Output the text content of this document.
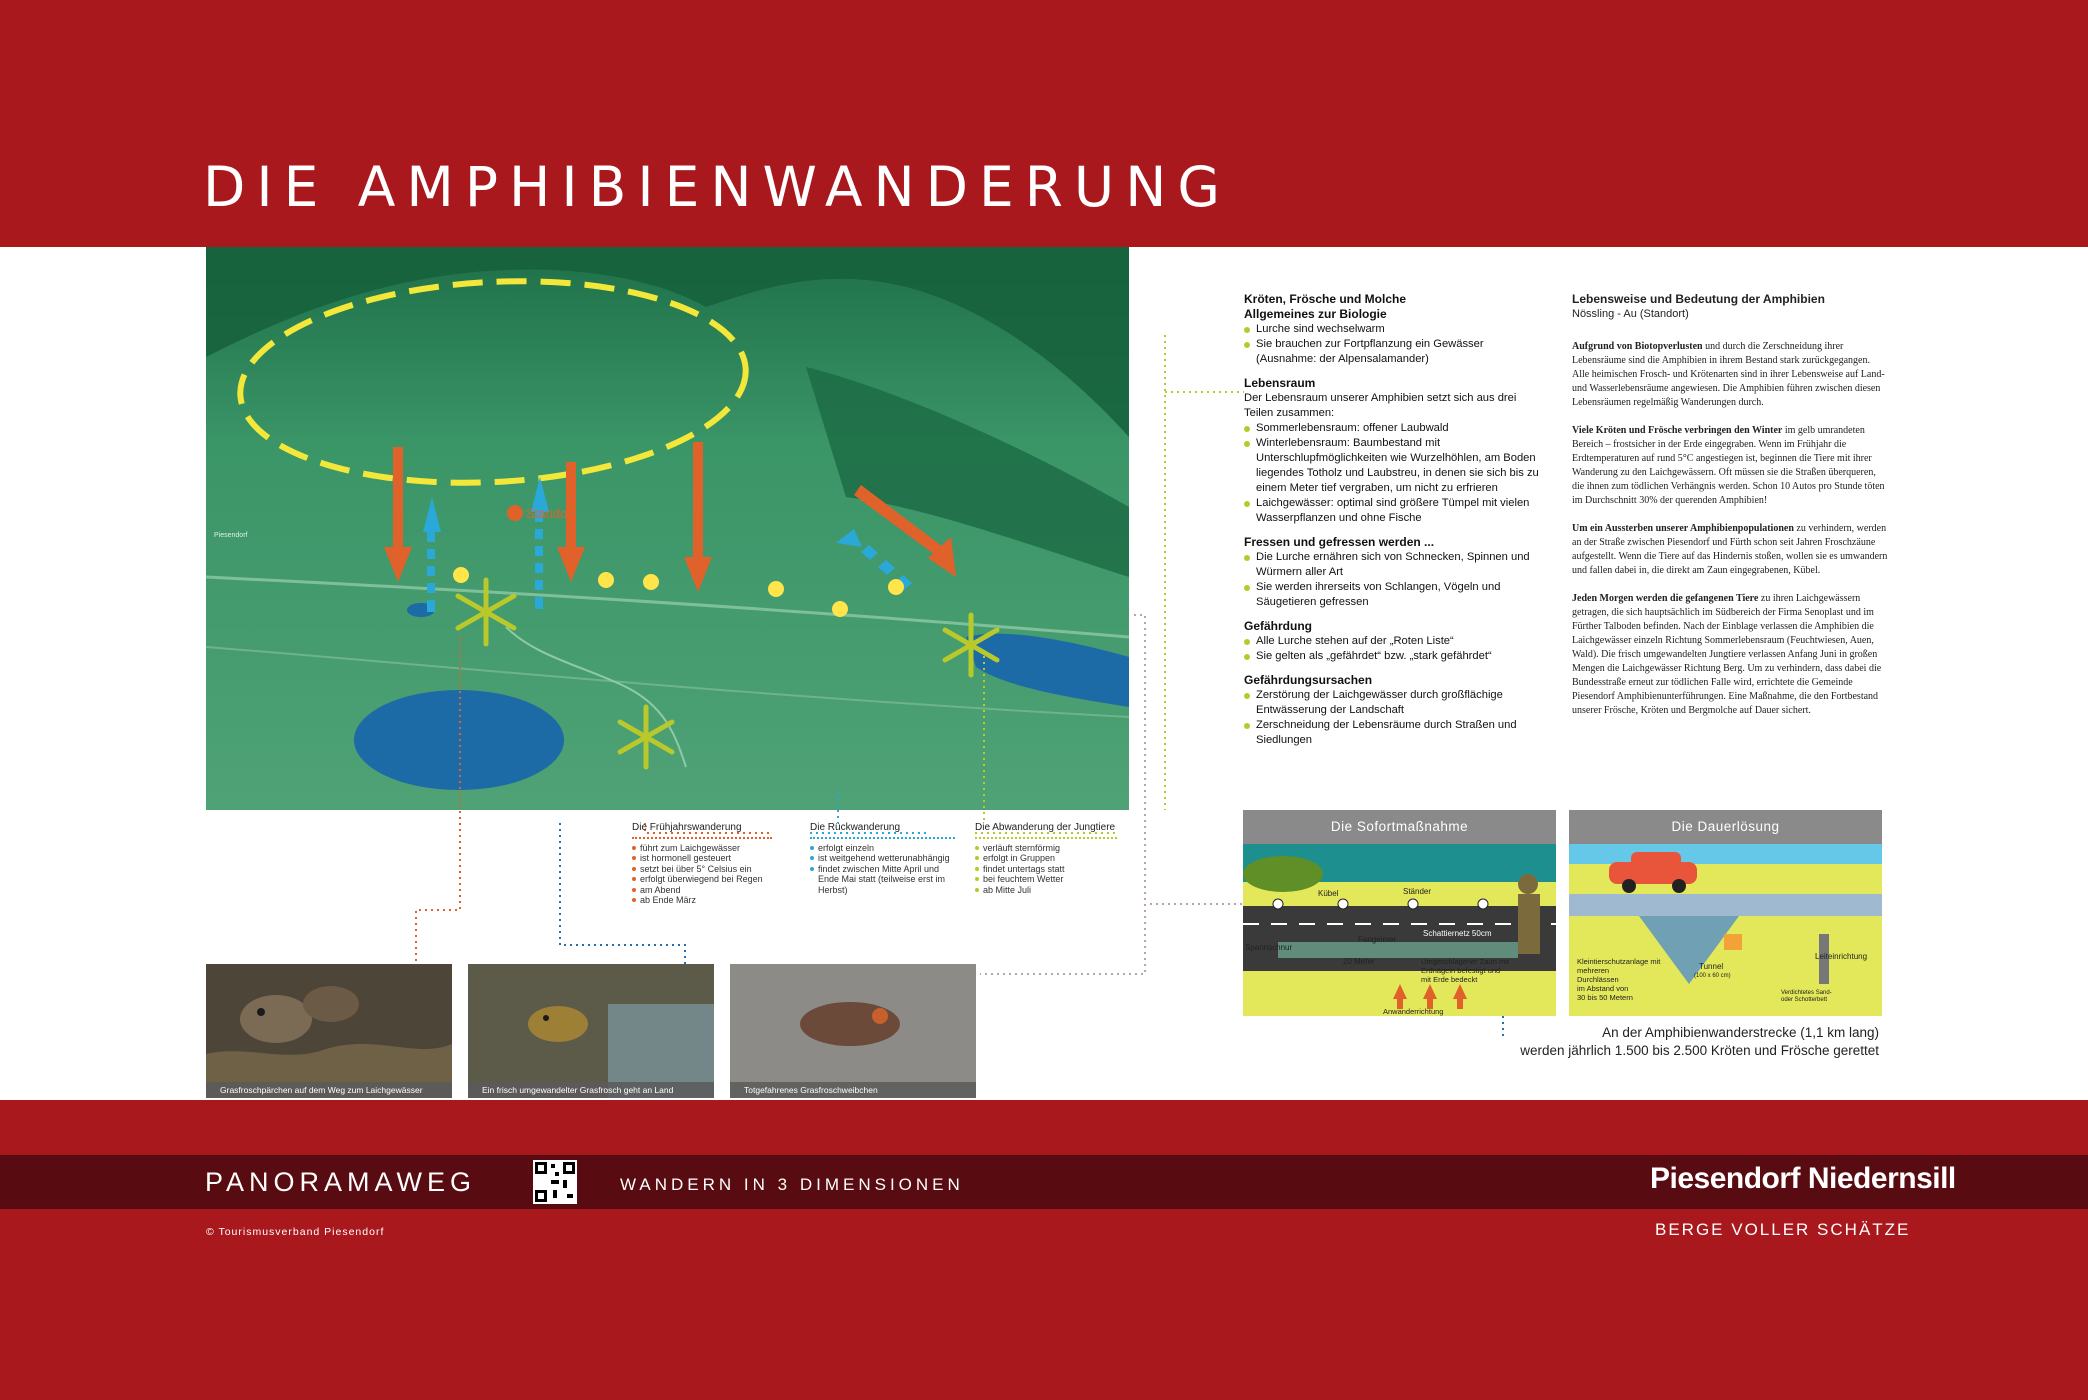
DIE AMPHIBIENWANDERUNG
Standort
Piesendorf
Kröten, Frösche und Molche
Allgemeines zur Biologie
Lurche sind wechselwarm
Sie brauchen zur Fortpflanzung ein Gewässer (Ausnahme: der Alpensalamander)
Lebensraum

Der Lebensraum unserer Amphibien setzt sich aus drei Teilen zusammen:

Sommerlebensraum: offener Laubwald
Winterlebensraum: Baumbestand mit Unterschlupfmöglichkeiten wie Wurzelhöhlen, am Boden liegendes Totholz und Laubstreu, in denen sie sich bis zu einem Meter tief vergraben, um nicht zu erfrieren
Laichgewässer: optimal sind größere Tümpel mit vielen Wasserpflanzen und ohne Fische
Fressen und gefressen werden ...
Die Lurche ernähren sich von Schnecken, Spinnen und Würmern aller Art
Sie werden ihrerseits von Schlangen, Vögeln und Säugetieren gefressen
Gefährdung
Alle Lurche stehen auf der „Roten Liste“
Sie gelten als „gefährdet“ bzw. „stark gefährdet“
Gefährdungsursachen
Zerstörung der Laichgewässer durch großflächige Entwässerung der Landschaft
Zerschneidung der Lebensräume durch Straßen und Siedlungen
Lebensweise und Bedeutung der Amphibien
Nössling - Au (Standort)

Aufgrund von Biotopverlusten und durch die Zerschneidung ihrer Lebensräume sind die Amphibien in ihrem Bestand stark zurückgegangen. Alle heimischen Frosch- und Krötenarten sind in ihrer Lebensweise auf Land- und Wasserlebensräume angewiesen. Die Amphibien führen zwischen diesen Lebensräumen regelmäßig Wanderungen durch.

Viele Kröten und Frösche verbringen den Winter im gelb umrandeten Bereich – frostsicher in der Erde eingegraben. Wenn im Frühjahr die Erdtemperaturen auf rund 5°C angestiegen ist, beginnen die Tiere mit ihrer Wanderung zu den Laichgewässern. Oft müssen sie die Straßen überqueren, die ihnen zum tödlichen Verhängnis werden. Schon 10 Autos pro Stunde töten im Durchschnitt 30% der querenden Amphibien!

Um ein Aussterben unserer Amphibienpopulationen zu verhindern, werden an der Straße zwischen Piesendorf und Fürth schon seit Jahren Froschzäune aufgestellt. Wenn die Tiere auf das Hindernis stoßen, wollen sie es umwandern und fallen dabei in, die direkt am Zaun eingegrabenen, Kübel.

Jeden Morgen werden die gefangenen Tiere zu ihren Laichgewässern getragen, die sich hauptsächlich im Südbereich der Firma Senoplast und im Fürther Talboden befinden. Nach der Einblage verlassen die Amphibien die Laichgewässer einzeln Richtung Sommerlebensraum (Feuchtwiesen, Auen, Wald). Die frisch umgewandelten Jungtiere verlassen Anfang Juni in großen Mengen die Laichgewässer Richtung Berg. Um zu verhindern, dass dabei die Bundesstraße erneut zur tödlichen Falle wird, errichtete die Gemeinde Piesendorf Amphibienunterführungen. Eine Maßnahme, die den Fortbestand unserer Frösche, Kröten und Bergmolche auf Dauer sichert.

Die Frühjahrswanderung
führt zum Laichgewässer
ist hormonell gesteuert
setzt bei über 5° Celsius ein
erfolgt überwiegend bei Regen
am Abend
ab Ende März
Die Rückwanderung
erfolgt einzeln
ist weitgehend wetterunabhängig
findet zwischen Mitte April und Ende Mai statt (teilweise erst im Herbst)
Die Abwanderung der Jungtiere
verläuft sternförmig
erfolgt in Gruppen
findet untertags statt
bei feuchtem Wetter
ab Mitte Juli
Grasfroschpärchen auf dem Weg zum Laichgewässer	Ein frisch umgewandelter Grasfrosch geht an Land	Totgefahrenes Grasfroschweibchen
Die Sofortmaßnahme
Kübel	Ständer
Spannschnur
Fangeimer
Schattiernetz 50cm
20 Meter	Umgeschlagener Zaun mit Erdnägeln befestigt und mit Erde bedeckt
Anwanderrichtung
Die Dauerlösung
Kleintierschutzanlage mit mehreren Durchlässen im Abstand von 30 bis 50 Metern
Tunnel
(100 x 60 cm)
Leiteinrichtung
Verdichtetes Sand- oder Schotterbett
An der Amphibienwanderstrecke (1,1 km lang)
werden jährlich 1.500 bis 2.500 Kröten und Frösche gerettet
PANORAMAWEG	WANDERN IN 3 DIMENSIONEN	Piesendorf Niedernsill
BERGE VOLLER SCHÄTZE
© Tourismusverband Piesendorf
